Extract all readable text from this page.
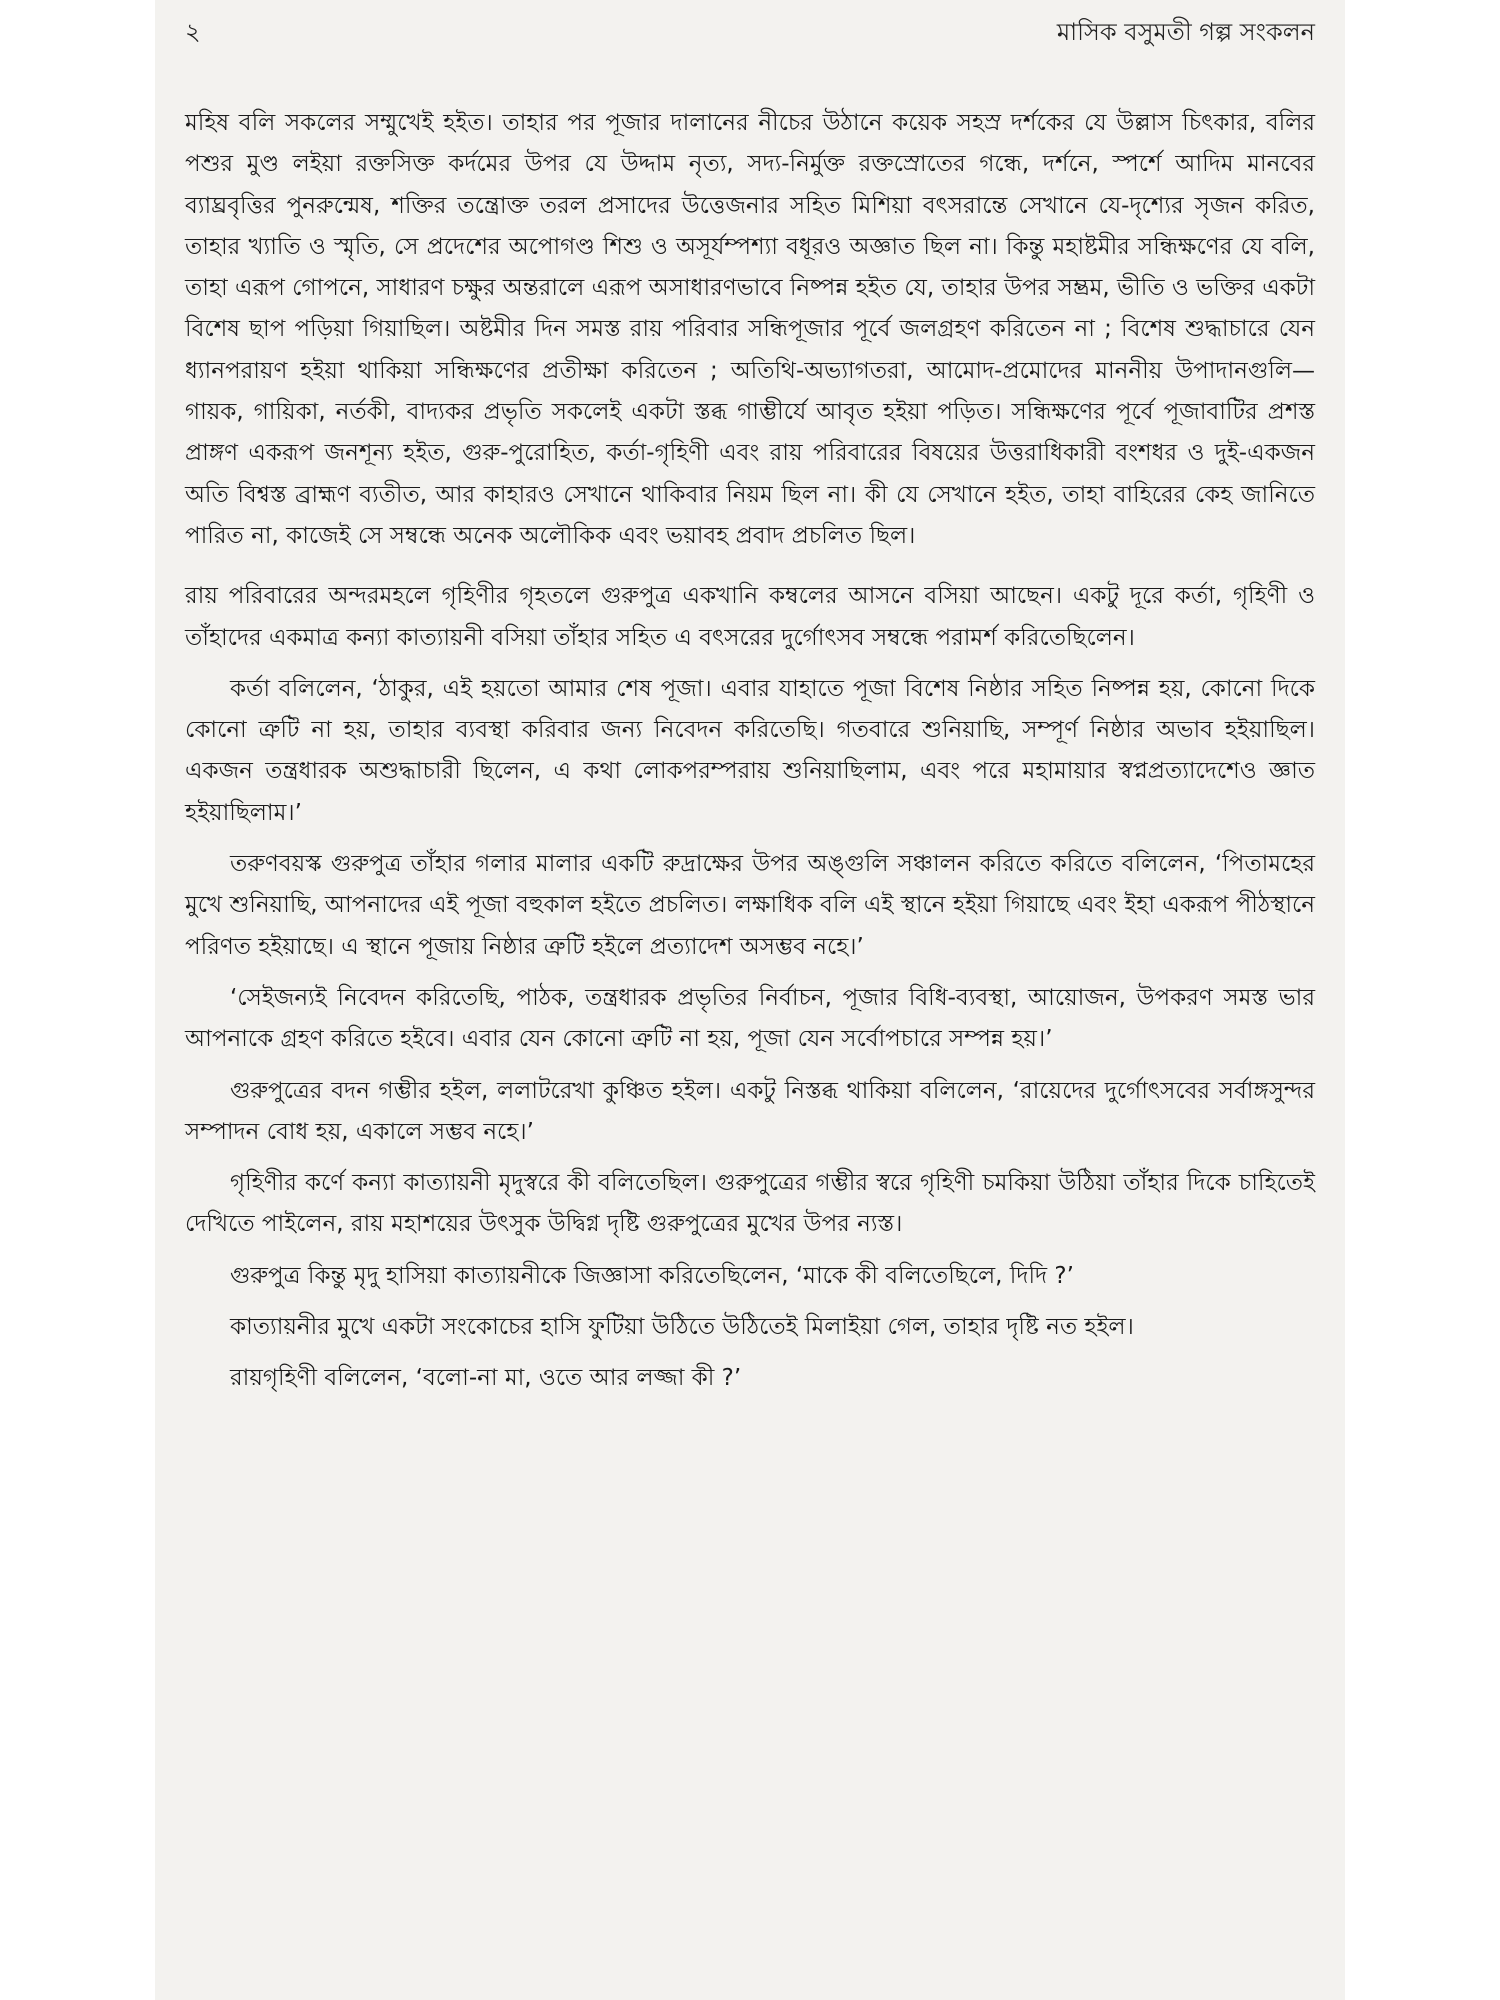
২	মাসিক বসুমতী গল্প সংকলন

মহিষ বলি সকলের সম্মুখেই হইত। তাহার পর পূজার দালানের নীচের উঠানে কয়েক সহস্র দর্শকের যে উল্লাস চিৎকার, বলির পশুর মুণ্ড লইয়া রক্তসিক্ত কর্দমের উপর যে উদ্দাম নৃত্য, সদ্য-নির্মুক্ত রক্তস্রোতের গন্ধে, দর্শনে, স্পর্শে আদিম মানবের ব্যাঘ্রবৃত্তির পুনরুন্মেষ, শক্তির তন্ত্রোক্ত তরল প্রসাদের উত্তেজনার সহিত মিশিয়া বৎসরান্তে সেখানে যে-দৃশ্যের সৃজন করিত, তাহার খ্যাতি ও স্মৃতি, সে প্রদেশের অপোগণ্ড শিশু ও অসূর্যম্পশ্যা বধূরও অজ্ঞাত ছিল না। কিন্তু মহাষ্টমীর সন্ধিক্ষণের যে বলি, তাহা এরূপ গোপনে, সাধারণ চক্ষুর অন্তরালে এরূপ অসাধারণভাবে নিষ্পন্ন হইত যে, তাহার উপর সম্ভ্রম, ভীতি ও ভক্তির একটা বিশেষ ছাপ পড়িয়া গিয়াছিল। অষ্টমীর দিন সমস্ত রায় পরিবার সন্ধিপূজার পূর্বে জলগ্রহণ করিতেন না ; বিশেষ শুদ্ধাচারে যেন ধ্যানপরায়ণ হইয়া থাকিয়া সন্ধিক্ষণের প্রতীক্ষা করিতেন ; অতিথি-অভ্যাগতরা, আমোদ-প্রমোদের মাননীয় উপাদানগুলি—গায়ক, গায়িকা, নর্তকী, বাদ্যকর প্রভৃতি সকলেই একটা স্তব্ধ গাম্ভীর্যে আবৃত হইয়া পড়িত। সন্ধিক্ষণের পূর্বে পূজাবাটির প্রশস্ত প্রাঙ্গণ একরূপ জনশূন্য হইত, গুরু-পুরোহিত, কর্তা-গৃহিণী এবং রায় পরিবারের বিষয়ের উত্তরাধিকারী বংশধর ও দুই-একজন অতি বিশ্বস্ত ব্রাহ্মণ ব্যতীত, আর কাহারও সেখানে থাকিবার নিয়ম ছিল না। কী যে সেখানে হইত, তাহা বাহিরের কেহ জানিতে পারিত না, কাজেই সে সম্বন্ধে অনেক অলৌকিক এবং ভয়াবহ প্রবাদ প্রচলিত ছিল।

রায় পরিবারের অন্দরমহলে গৃহিণীর গৃহতলে গুরুপুত্র একখানি কম্বলের আসনে বসিয়া আছেন। একটু দূরে কর্তা, গৃহিণী ও তাঁহাদের একমাত্র কন্যা কাত্যায়নী বসিয়া তাঁহার সহিত এ বৎসরের দুর্গোৎসব সম্বন্ধে পরামর্শ করিতেছিলেন।

কর্তা বলিলেন, ‘ঠাকুর, এই হয়তো আমার শেষ পূজা। এবার যাহাতে পূজা বিশেষ নিষ্ঠার সহিত নিষ্পন্ন হয়, কোনো দিকে কোনো ত্রুটি না হয়, তাহার ব্যবস্থা করিবার জন্য নিবেদন করিতেছি। গতবারে শুনিয়াছি, সম্পূর্ণ নিষ্ঠার অভাব হইয়াছিল। একজন তন্ত্রধারক অশুদ্ধাচারী ছিলেন, এ কথা লোকপরম্পরায় শুনিয়াছিলাম, এবং পরে মহামায়ার স্বপ্নপ্রত্যাদেশেও জ্ঞাত হইয়াছিলাম।’

তরুণবয়স্ক গুরুপুত্র তাঁহার গলার মালার একটি রুদ্রাক্ষের উপর অঙ্গুলি সঞ্চালন করিতে করিতে বলিলেন, ‘পিতামহের মুখে শুনিয়াছি, আপনাদের এই পূজা বহুকাল হইতে প্রচলিত। লক্ষাধিক বলি এই স্থানে হইয়া গিয়াছে এবং ইহা একরূপ পীঠস্থানে পরিণত হইয়াছে। এ স্থানে পূজায় নিষ্ঠার ত্রুটি হইলে প্রত্যাদেশ অসম্ভব নহে।’

‘সেইজন্যই নিবেদন করিতেছি, পাঠক, তন্ত্রধারক প্রভৃতির নির্বাচন, পূজার বিধি-ব্যবস্থা, আয়োজন, উপকরণ সমস্ত ভার আপনাকে গ্রহণ করিতে হইবে। এবার যেন কোনো ত্রুটি না হয়, পূজা যেন সর্বোপচারে সম্পন্ন হয়।’

গুরুপুত্রের বদন গম্ভীর হইল, ললাটরেখা কুঞ্চিত হইল। একটু নিস্তব্ধ থাকিয়া বলিলেন, ‘রায়েদের দুর্গোৎসবের সর্বাঙ্গসুন্দর সম্পাদন বোধ হয়, একালে সম্ভব নহে।’

গৃহিণীর কর্ণে কন্যা কাত্যায়নী মৃদুস্বরে কী বলিতেছিল। গুরুপুত্রের গম্ভীর স্বরে গৃহিণী চমকিয়া উঠিয়া তাঁহার দিকে চাহিতেই দেখিতে পাইলেন, রায় মহাশয়ের উৎসুক উদ্বিগ্ন দৃষ্টি গুরুপুত্রের মুখের উপর ন্যস্ত।

গুরুপুত্র কিন্তু মৃদু হাসিয়া কাত্যায়নীকে জিজ্ঞাসা করিতেছিলেন, ‘মাকে কী বলিতেছিলে, দিদি ?’

কাত্যায়নীর মুখে একটা সংকোচের হাসি ফুটিয়া উঠিতে উঠিতেই মিলাইয়া গেল, তাহার দৃষ্টি নত হইল।

রায়গৃহিণী বলিলেন, ‘বলো-না মা, ওতে আর লজ্জা কী ?’
